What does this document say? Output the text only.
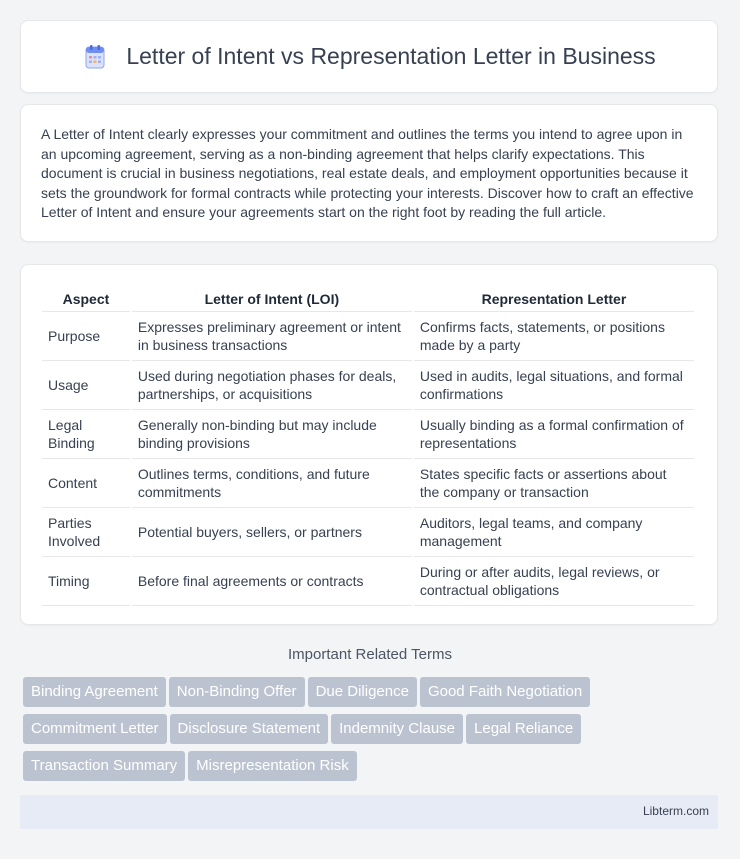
Letter of Intent vs Representation Letter in Business

A Letter of Intent clearly expresses your commitment and outlines the terms you intend to agree upon in an upcoming agreement, serving as a non-binding agreement that helps clarify expectations. This document is crucial in business negotiations, real estate deals, and employment opportunities because it sets the groundwork for formal contracts while protecting your interests. Discover how to craft an effective Letter of Intent and ensure your agreements start on the right foot by reading the full article.

Aspect	Letter of Intent (LOI)	Representation Letter
Purpose	Expresses preliminary agreement or intent in business transactions	Confirms facts, statements, or positions made by a party
Usage	Used during negotiation phases for deals, partnerships, or acquisitions	Used in audits, legal situations, and formal confirmations
Legal Binding	Generally non-binding but may include binding provisions	Usually binding as a formal confirmation of representations
Content	Outlines terms, conditions, and future commitments	States specific facts or assertions about the company or transaction
Parties Involved	Potential buyers, sellers, or partners	Auditors, legal teams, and company management
Timing	Before final agreements or contracts	During or after audits, legal reviews, or contractual obligations
Important Related Terms
Binding Agreement Non-Binding Offer Due Diligence Good Faith Negotiation
Commitment Letter Disclosure Statement Indemnity Clause Legal Reliance
Transaction Summary Misrepresentation Risk
Libterm.com
